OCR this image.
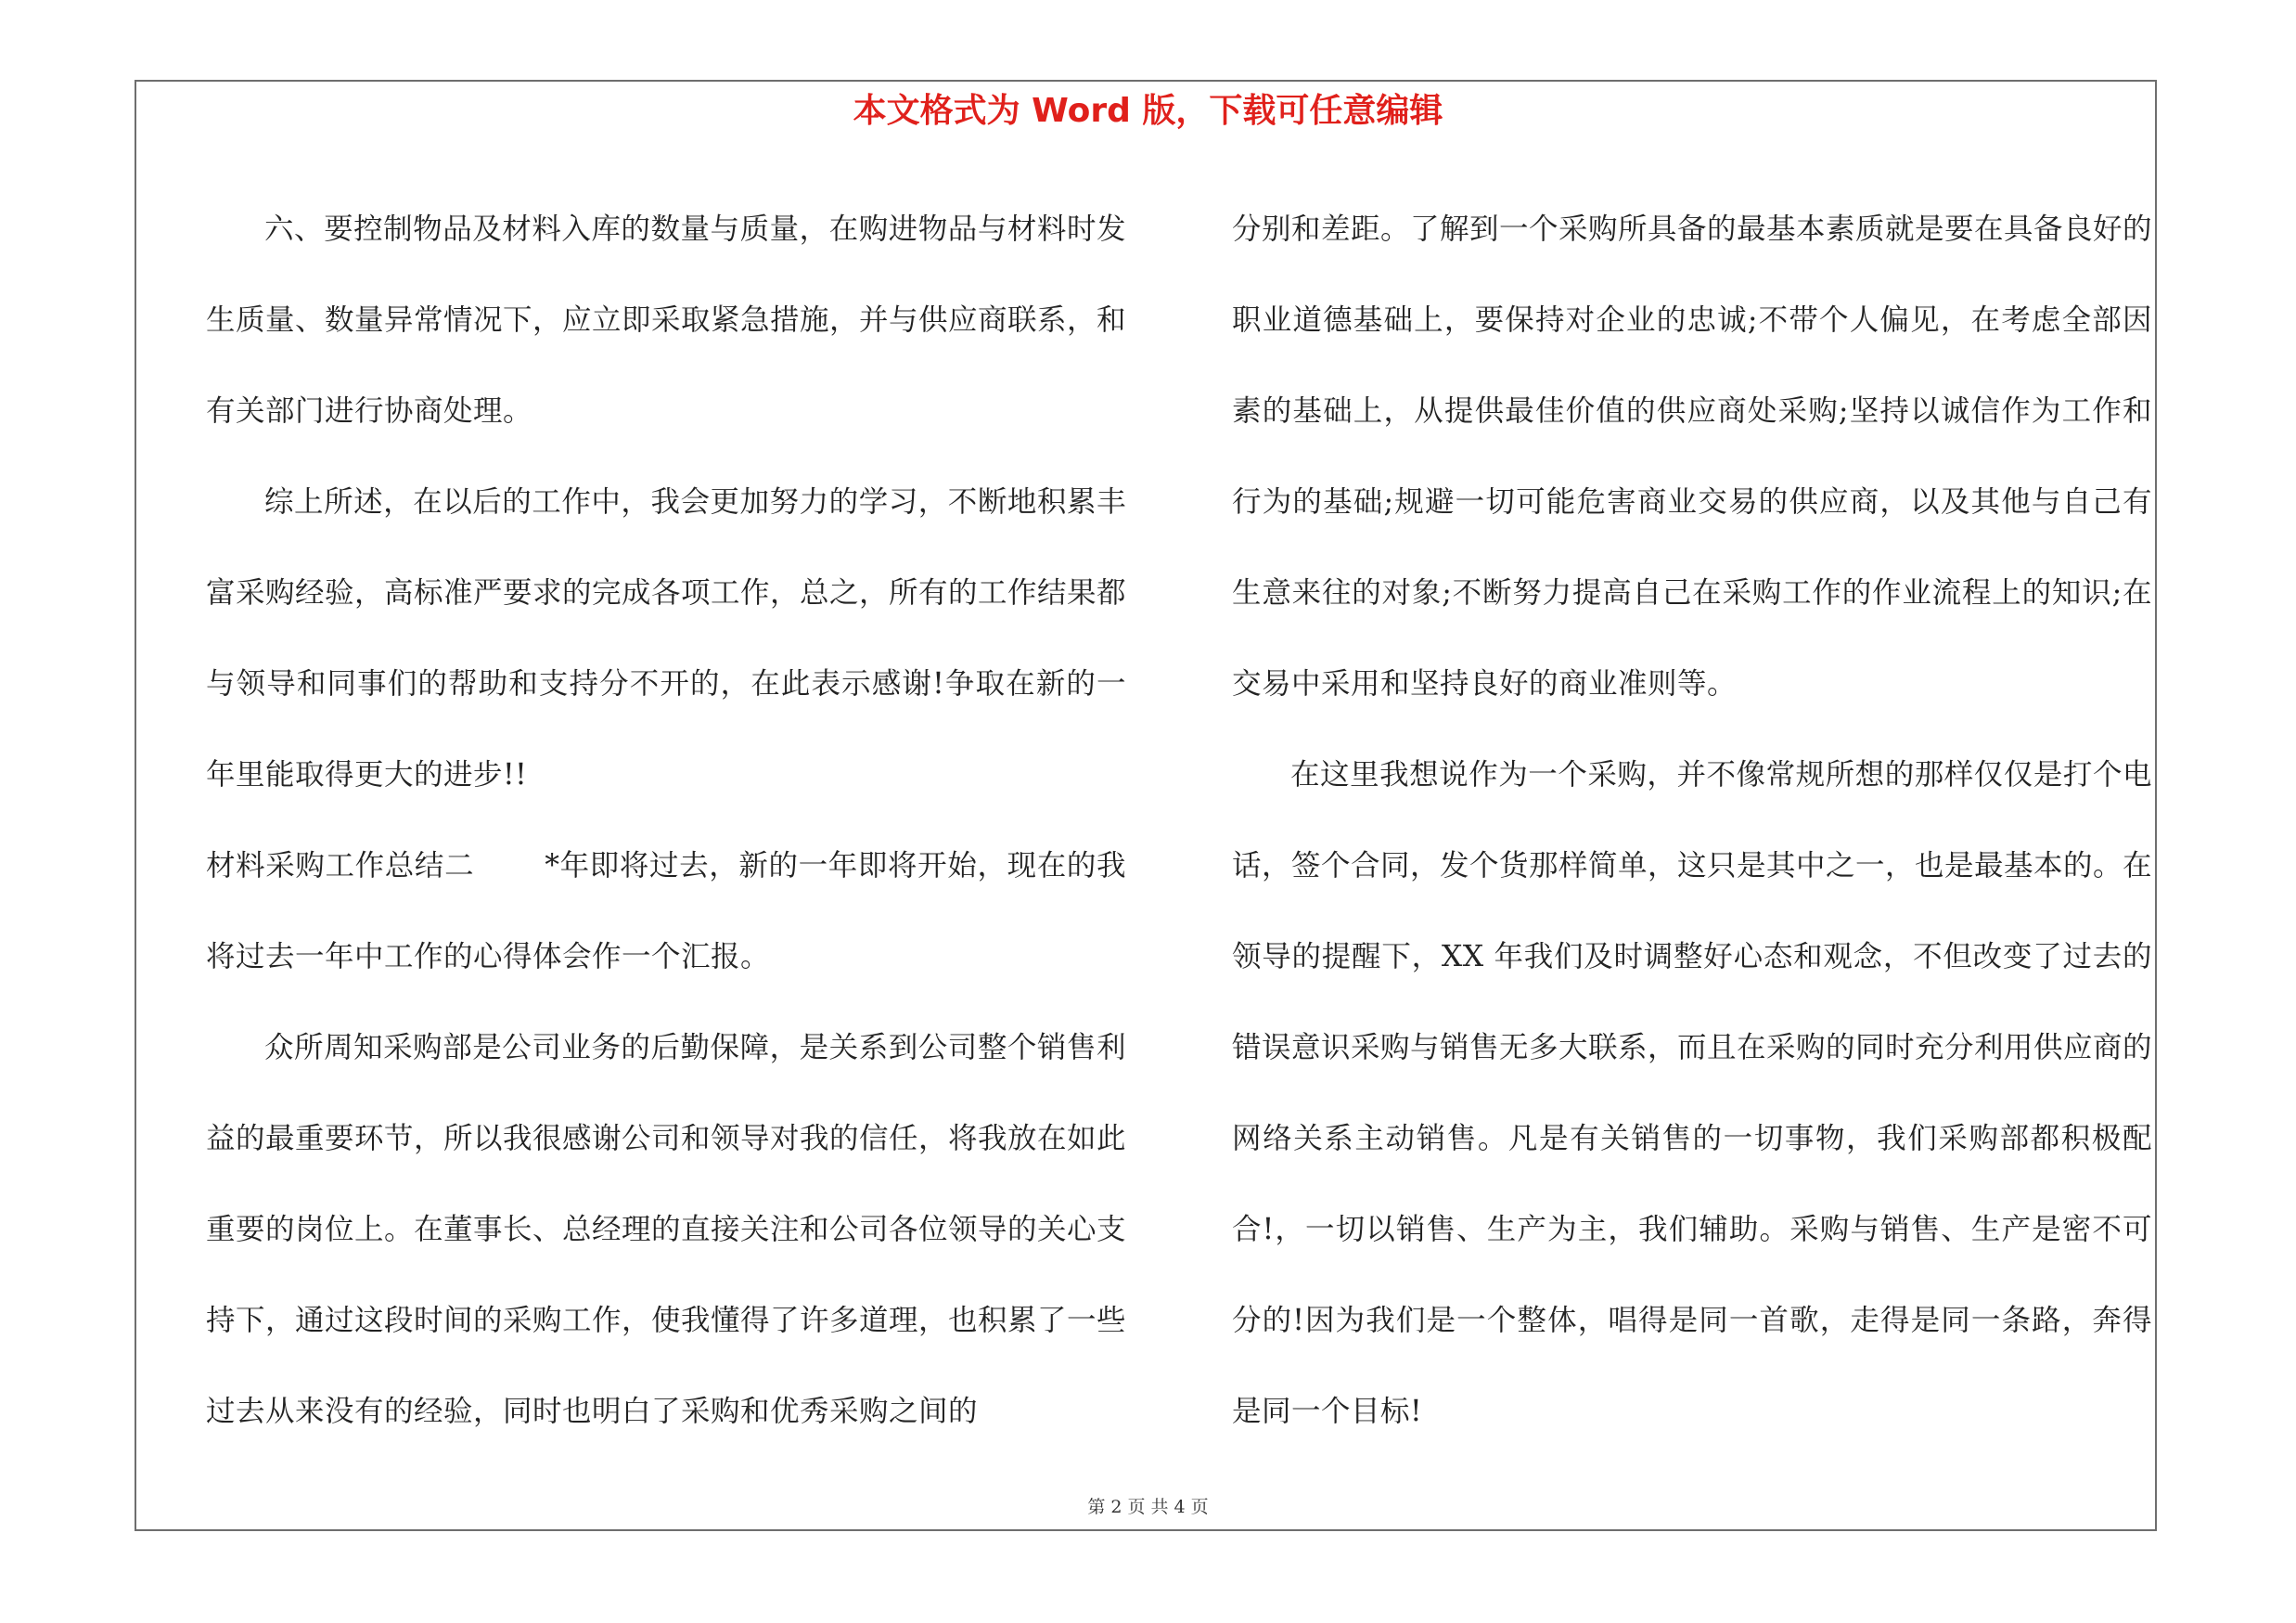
本文格式为 Word 版，下载可任意编辑

六、要控制物品及材料入库的数量与质量，在购进物品与材料时发生质量、数量异常情况下，应立即采取紧急措施，并与供应商联系，和有关部门进行协商处理。

综上所述，在以后的工作中，我会更加努力的学习，不断地积累丰富采购经验，高标准严要求的完成各项工作，总之，所有的工作结果都与领导和同事们的帮助和支持分不开的，在此表示感谢!争取在新的一年里能取得更大的进步!!

材料采购工作总结二 *年即将过去，新的一年即将开始，现在的我将过去一年中工作的心得体会作一个汇报。

众所周知采购部是公司业务的后勤保障，是关系到公司整个销售利益的最重要环节，所以我很感谢公司和领导对我的信任，将我放在如此重要的岗位上。在董事长、总经理的直接关注和公司各位领导的关心支持下，通过这段时间的采购工作，使我懂得了许多道理，也积累了一些过去从来没有的经验，同时也明白了采购和优秀采购之间的

分别和差距。了解到一个采购所具备的最基本素质就是要在具备良好的职业道德基础上，要保持对企业的忠诚;不带个人偏见，在考虑全部因素的基础上，从提供最佳价值的供应商处采购;坚持以诚信作为工作和行为的基础;规避一切可能危害商业交易的供应商，以及其他与自己有生意来往的对象;不断努力提高自己在采购工作的作业流程上的知识;在交易中采用和坚持良好的商业准则等。

在这里我想说作为一个采购，并不像常规所想的那样仅仅是打个电话，签个合同，发个货那样简单，这只是其中之一，也是最基本的。在领导的提醒下，XX 年我们及时调整好心态和观念，不但改变了过去的错误意识采购与销售无多大联系，而且在采购的同时充分利用供应商的网络关系主动销售。凡是有关销售的一切事物，我们采购部都积极配合!，一切以销售、生产为主，我们辅助。采购与销售、生产是密不可分的!因为我们是一个整体，唱得是同一首歌，走得是同一条路，奔得是同一个目标!

第 2 页 共 4 页
